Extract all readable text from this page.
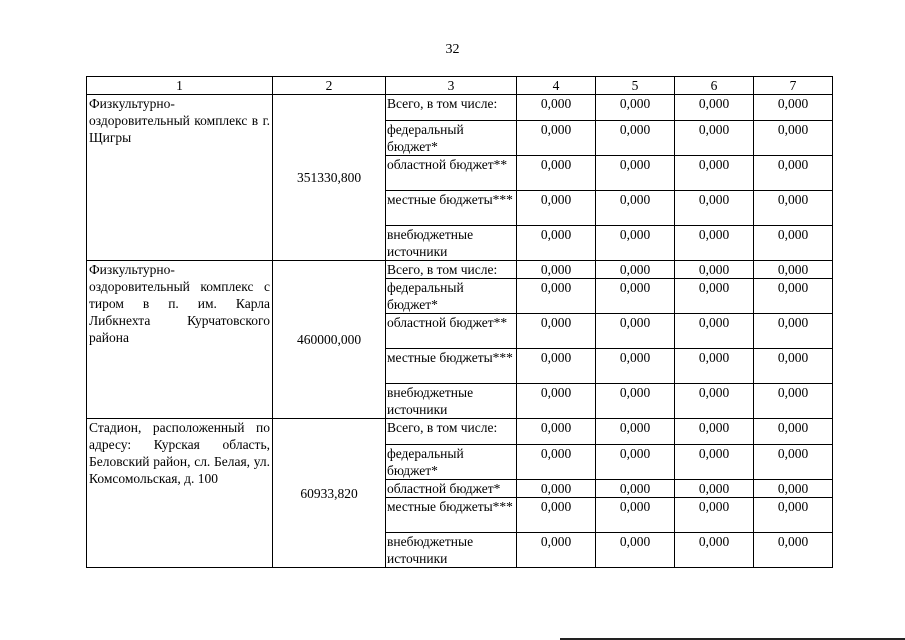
32
1	2	3	4	5	6	7
Физкультурно-оздоровительный комплекс в г. Щигры	351330,800	Всего, в том числе:	0,000	0,000	0,000	0,000
		федеральный бюджет*	0,000	0,000	0,000	0,000
		областной бюджет**	0,000	0,000	0,000	0,000
		местные бюджеты***	0,000	0,000	0,000	0,000
		внебюджетные источники	0,000	0,000	0,000	0,000
Физкультурно-оздоровительный комплекс с тиром в п. им. Карла Либкнехта Курчатовского района	460000,000	Всего, в том числе:	0,000	0,000	0,000	0,000
		федеральный бюджет*	0,000	0,000	0,000	0,000
		областной бюджет**	0,000	0,000	0,000	0,000
		местные бюджеты***	0,000	0,000	0,000	0,000
		внебюджетные источники	0,000	0,000	0,000	0,000
Стадион, расположенный по адресу: Курская область, Беловский район, сл. Белая, ул. Комсомольская, д. 100	60933,820	Всего, в том числе:	0,000	0,000	0,000	0,000
		федеральный бюджет*	0,000	0,000	0,000	0,000
		областной бюджет*	0,000	0,000	0,000	0,000
		местные бюджеты***	0,000	0,000	0,000	0,000
		внебюджетные источники	0,000	0,000	0,000	0,000
